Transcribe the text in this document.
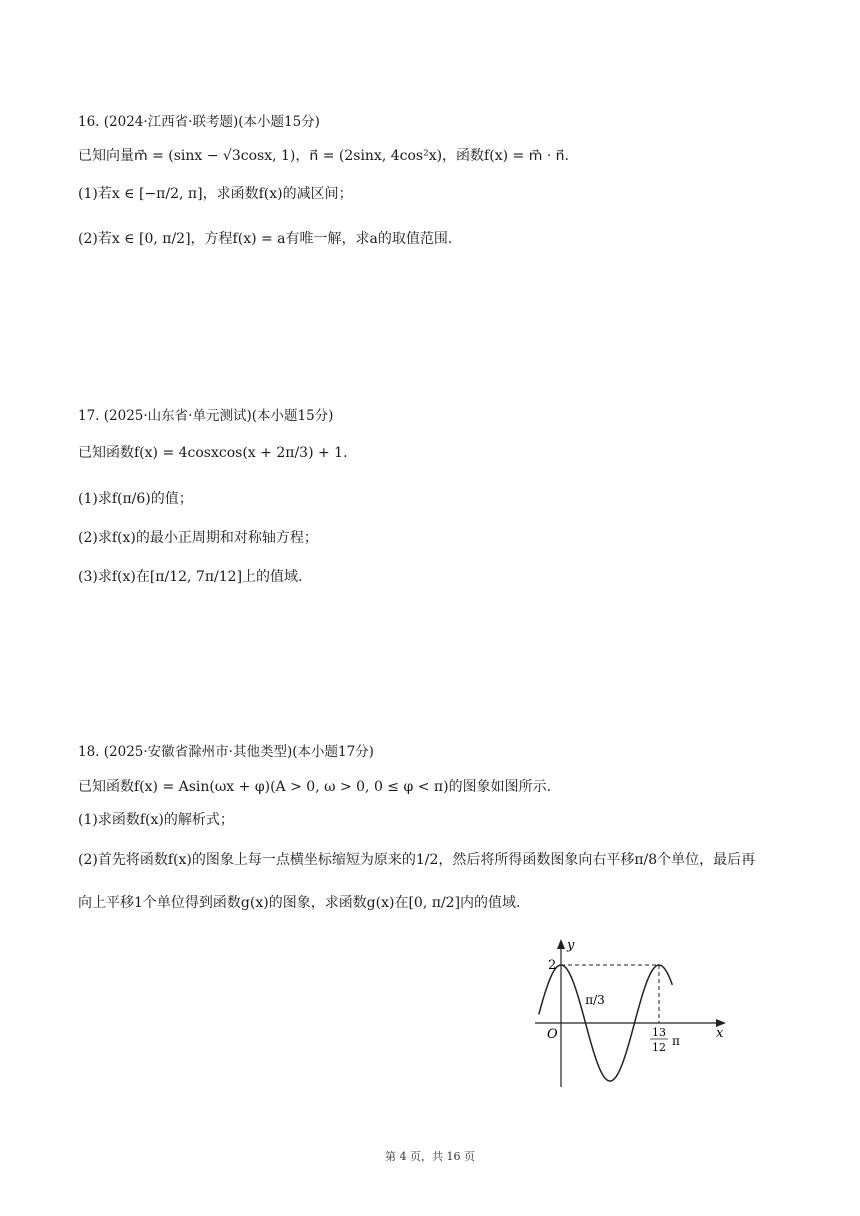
16. (2024·江西省·联考题)(本小题15分)
已知向量m⃗ = (sinx − √3cosx, 1)，n⃗ = (2sinx, 4cos²x)，函数f(x) = m⃗ · n⃗.
(1)若x ∈ [−π/2, π]，求函数f(x)的减区间；
(2)若x ∈ [0, π/2]，方程f(x) = a有唯一解，求a的取值范围.
17. (2025·山东省·单元测试)(本小题15分)
已知函数f(x) = 4cosxcos(x + 2π/3) + 1.
(1)求f(π/6)的值；
(2)求f(x)的最小正周期和对称轴方程；
(3)求f(x)在[π/12, 7π/12]上的值域.
18. (2025·安徽省滁州市·其他类型)(本小题17分)
已知函数f(x) = Asin(ωx + φ)(A > 0, ω > 0, 0 ≤ φ < π)的图象如图所示.
(1)求函数f(x)的解析式；
(2)首先将函数f(x)的图象上每一点横坐标缩短为原来的1/2，然后将所得函数图象向右平移π/8个单位，最后再
向上平移1个单位得到函数g(x)的图象，求函数g(x)在[0, π/2]内的值域.
y
x
O
2
π/3
13
12 π
第 4 页，共 16 页
